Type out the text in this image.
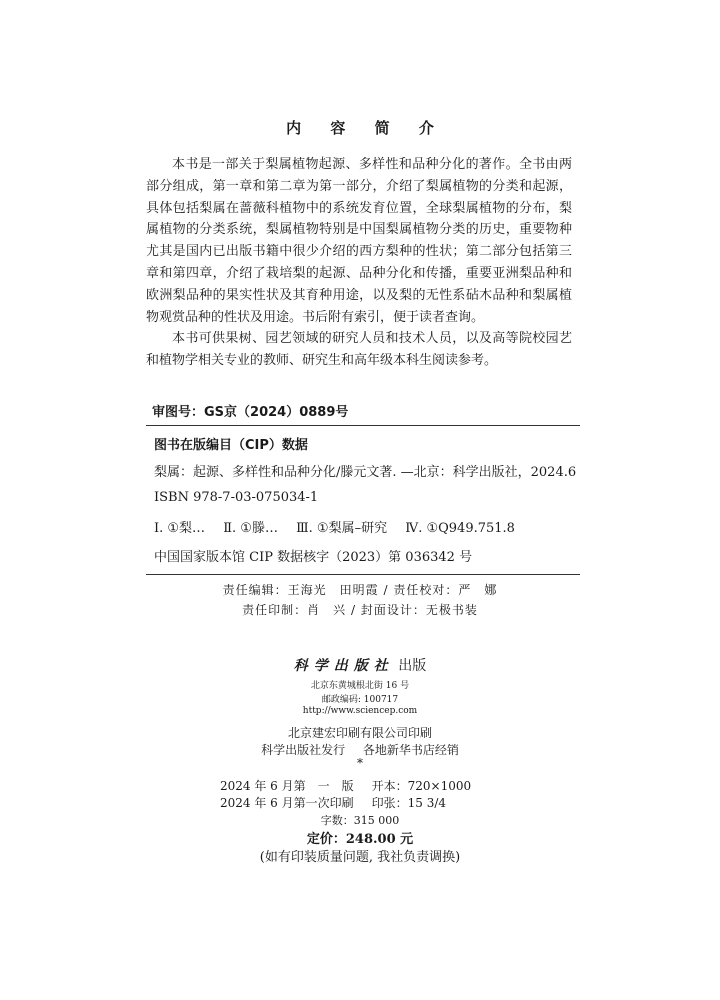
内 容 简 介

本书是一部关于梨属植物起源、多样性和品种分化的著作。全书由两部分组成，第一章和第二章为第一部分，介绍了梨属植物的分类和起源，具体包括梨属在蔷薇科植物中的系统发育位置，全球梨属植物的分布，梨属植物的分类系统，梨属植物特别是中国梨属植物分类的历史，重要物种尤其是国内已出版书籍中很少介绍的西方梨种的性状；第二部分包括第三章和第四章，介绍了栽培梨的起源、品种分化和传播，重要亚洲梨品种和欧洲梨品种的果实性状及其育种用途，以及梨的无性系砧木品种和梨属植物观赏品种的性状及用途。书后附有索引，便于读者查询。

本书可供果树、园艺领域的研究人员和技术人员，以及高等院校园艺和植物学相关专业的教师、研究生和高年级本科生阅读参考。

审图号：GS京（2024）0889号
图书在版编目（CIP）数据
梨属：起源、多样性和品种分化/滕元文著. —北京：科学出版社，2024.6
ISBN 978-7-03-075034-1
Ⅰ. ①梨… Ⅱ. ①滕… Ⅲ. ①梨属–研究 Ⅳ. ①Q949.751.8
中国国家版本馆 CIP 数据核字（2023）第 036342 号
责任编辑：王海光　田明霞 / 责任校对：严　娜
责任印制：肖　兴 / 封面设计：无极书装
科学出版社 出版
北京东黄城根北街 16 号
邮政编码: 100717
http://www.sciencep.com
北京建宏印刷有限公司印刷
科学出版社发行 各地新华书店经销
*
2024 年 6 月第　一　版 开本：720×1000
2024 年 6 月第一次印刷 印张：15 3/4
字数：315 000
定价：248.00 元
(如有印装质量问题, 我社负责调换)
